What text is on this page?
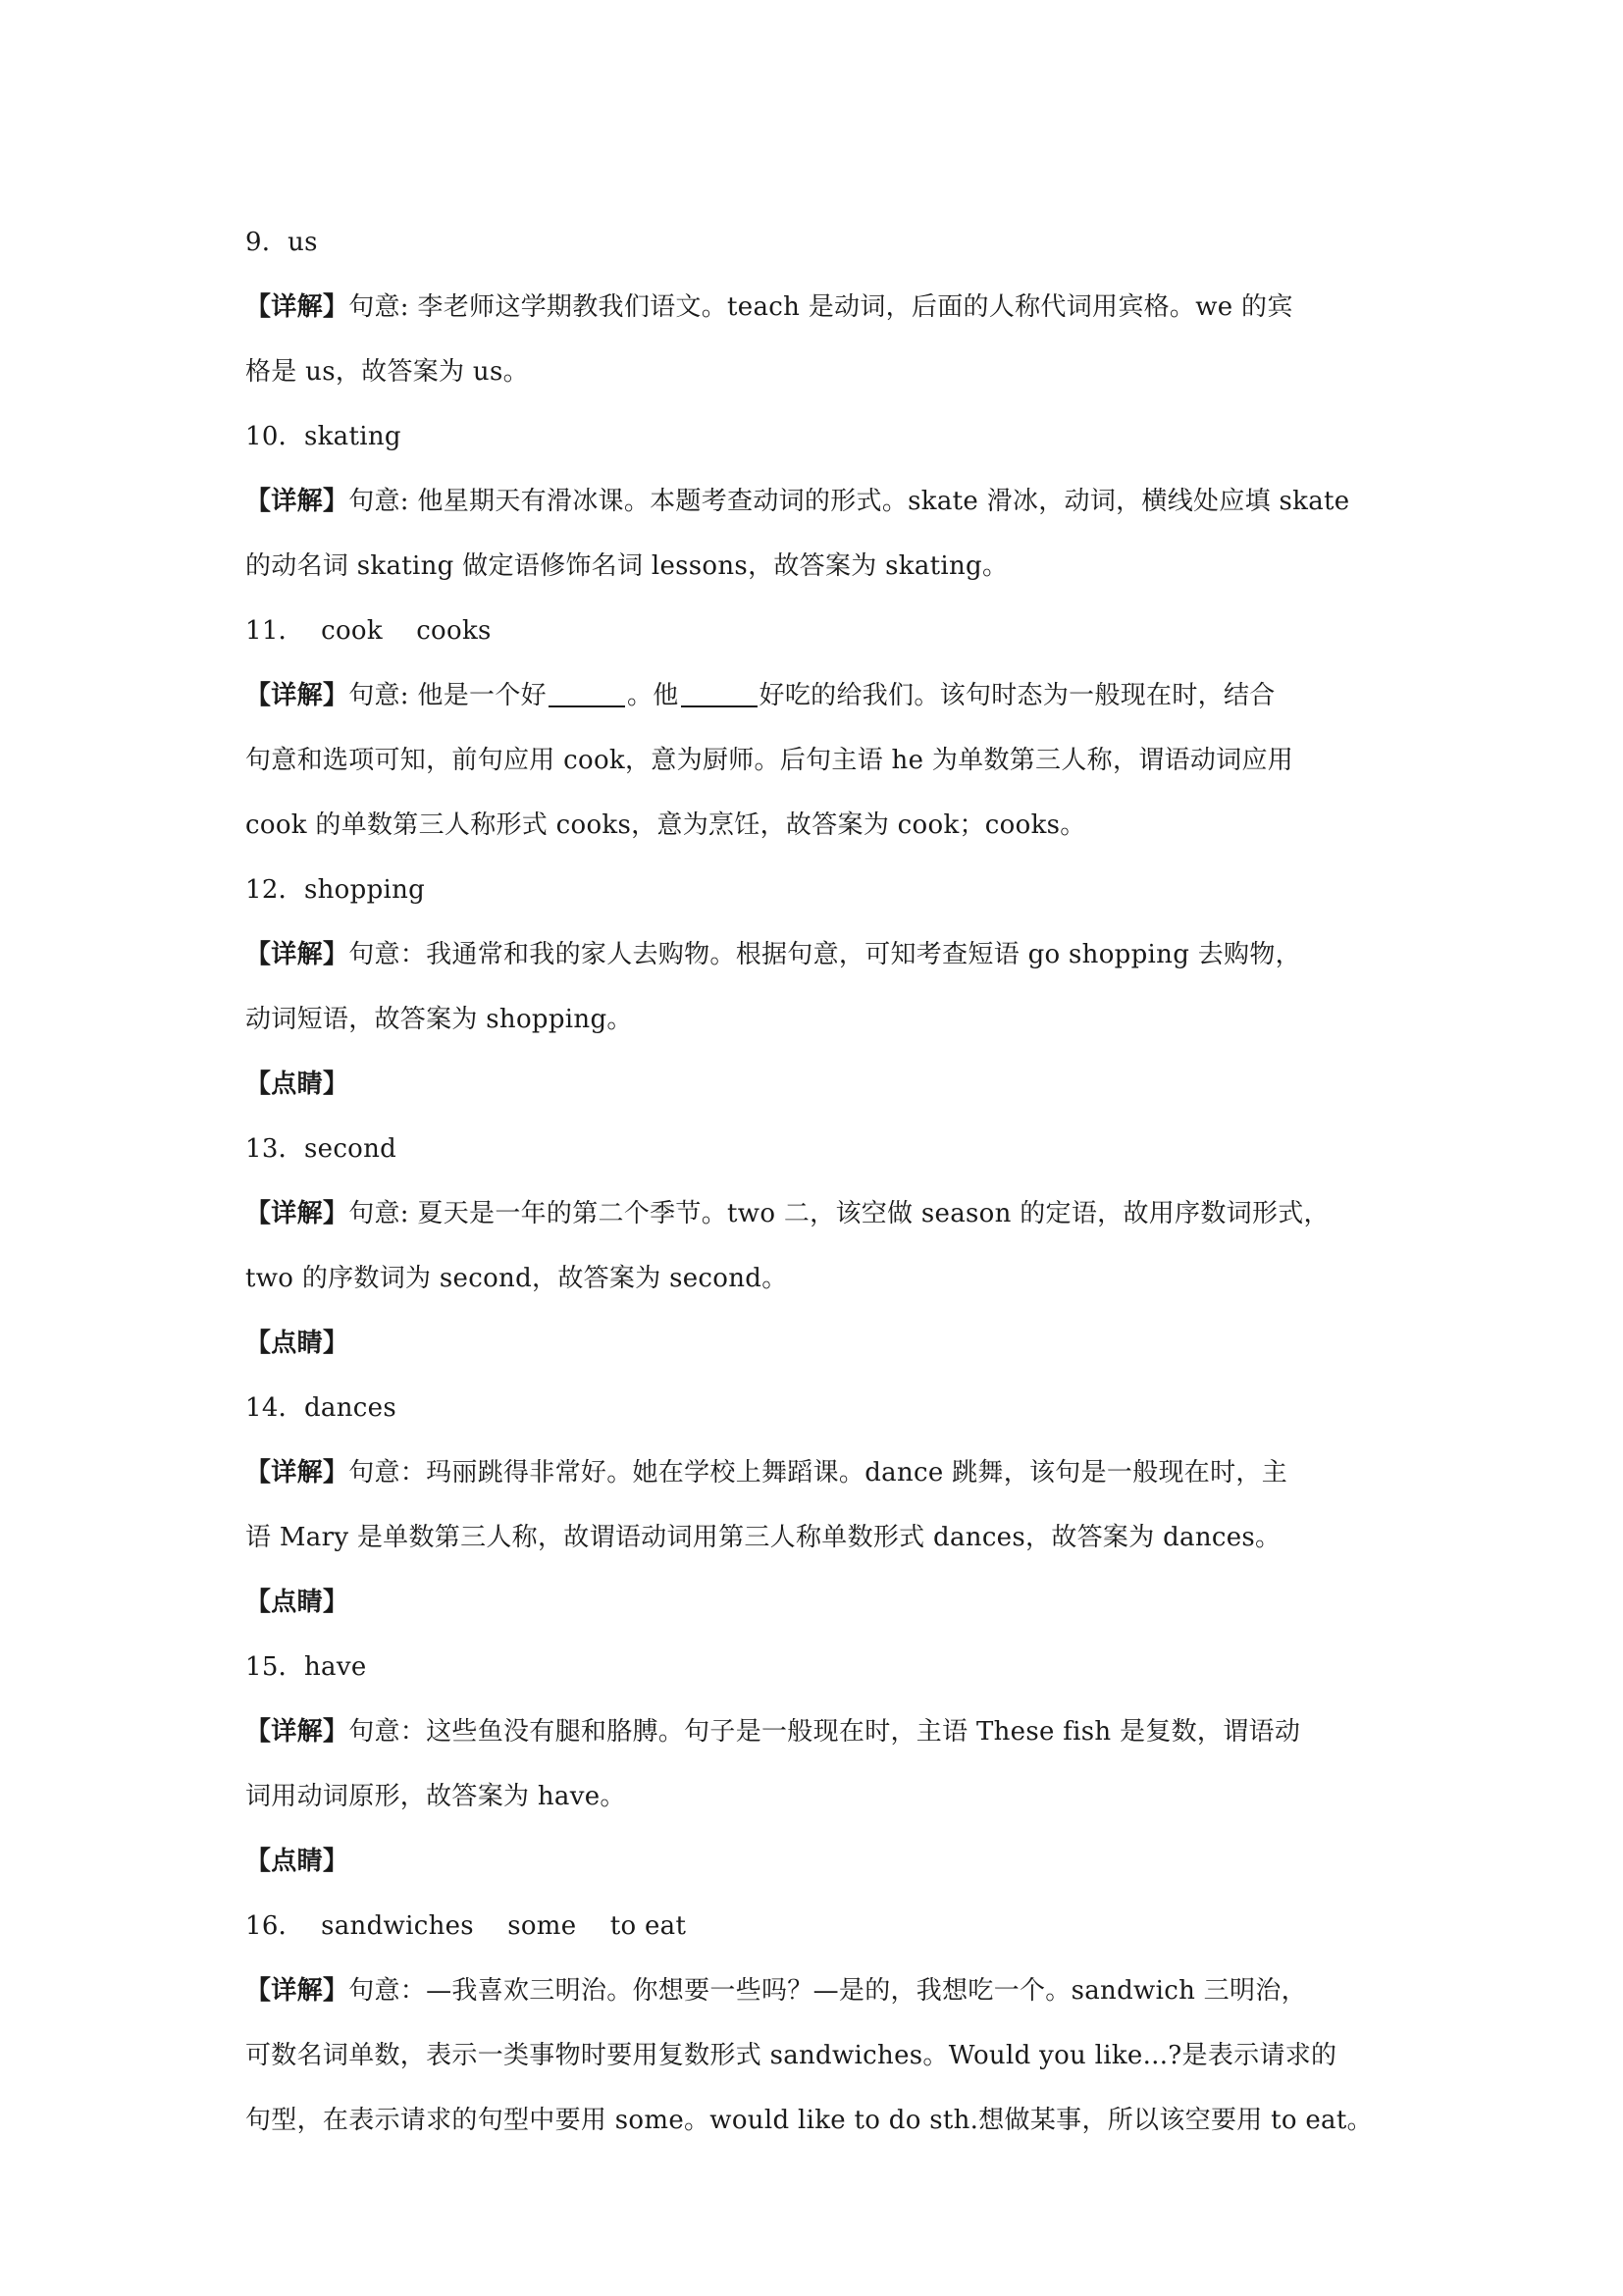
9．us
【详解】句意: 李老师这学期教我们语文。teach 是动词，后面的人称代词用宾格。we 的宾
格是 us，故答案为 us。
10．skating
【详解】句意: 他星期天有滑冰课。本题考查动词的形式。skate 滑冰，动词，横线处应填 skate
的动名词 skating 做定语修饰名词 lessons，故答案为 skating。
11．  cook    cooks
【详解】句意: 他是一个好	。他	好吃的给我们。该句时态为一般现在时，结合
句意和选项可知，前句应用 cook，意为厨师。后句主语 he 为单数第三人称，谓语动词应用
cook 的单数第三人称形式 cooks，意为烹饪，故答案为 cook；cooks。
12．shopping
【详解】句意：我通常和我的家人去购物。根据句意，可知考查短语 go shopping 去购物，
动词短语，故答案为 shopping。
【点睛】
13．second
【详解】句意: 夏天是一年的第二个季节。two 二，该空做 season 的定语，故用序数词形式，
two 的序数词为 second，故答案为 second。
【点睛】
14．dances
【详解】句意：玛丽跳得非常好。她在学校上舞蹈课。dance 跳舞，该句是一般现在时，主
语 Mary 是单数第三人称，故谓语动词用第三人称单数形式 dances，故答案为 dances。
【点睛】
15．have
【详解】句意：这些鱼没有腿和胳膊。句子是一般现在时，主语 These fish 是复数，谓语动
词用动词原形，故答案为 have。
【点睛】
16．  sandwiches    some    to eat
【详解】句意：—我喜欢三明治。你想要一些吗？—是的，我想吃一个。sandwich 三明治，
可数名词单数，表示一类事物时要用复数形式 sandwiches。Would you like...?是表示请求的
句型，在表示请求的句型中要用 some。would like to do sth.想做某事，所以该空要用 to eat。
